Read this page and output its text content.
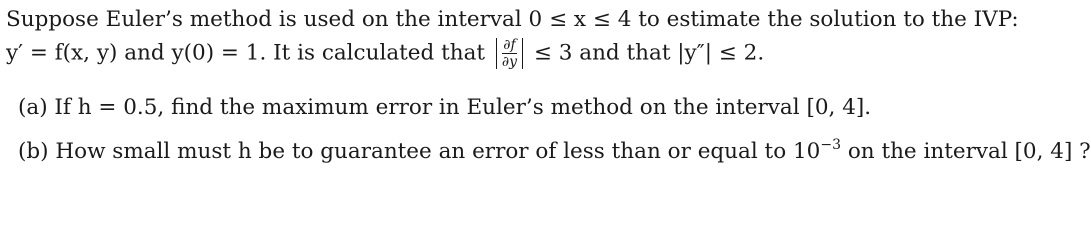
Suppose Euler’s method is used on the interval 0 ≤ x ≤ 4 to estimate the solution to the IVP:
y′ = f(x, y) and y(0) = 1. It is calculated that $\frac{\partial f}{\partial y} \le 3$ and that |y″| ≤ 2.
(a) If h = 0.5, find the maximum error in Euler’s method on the interval [0, 4].
(b) How small must h be to guarantee an error of less than or equal to $10^{-3}$ on the interval [0, 4] ?
